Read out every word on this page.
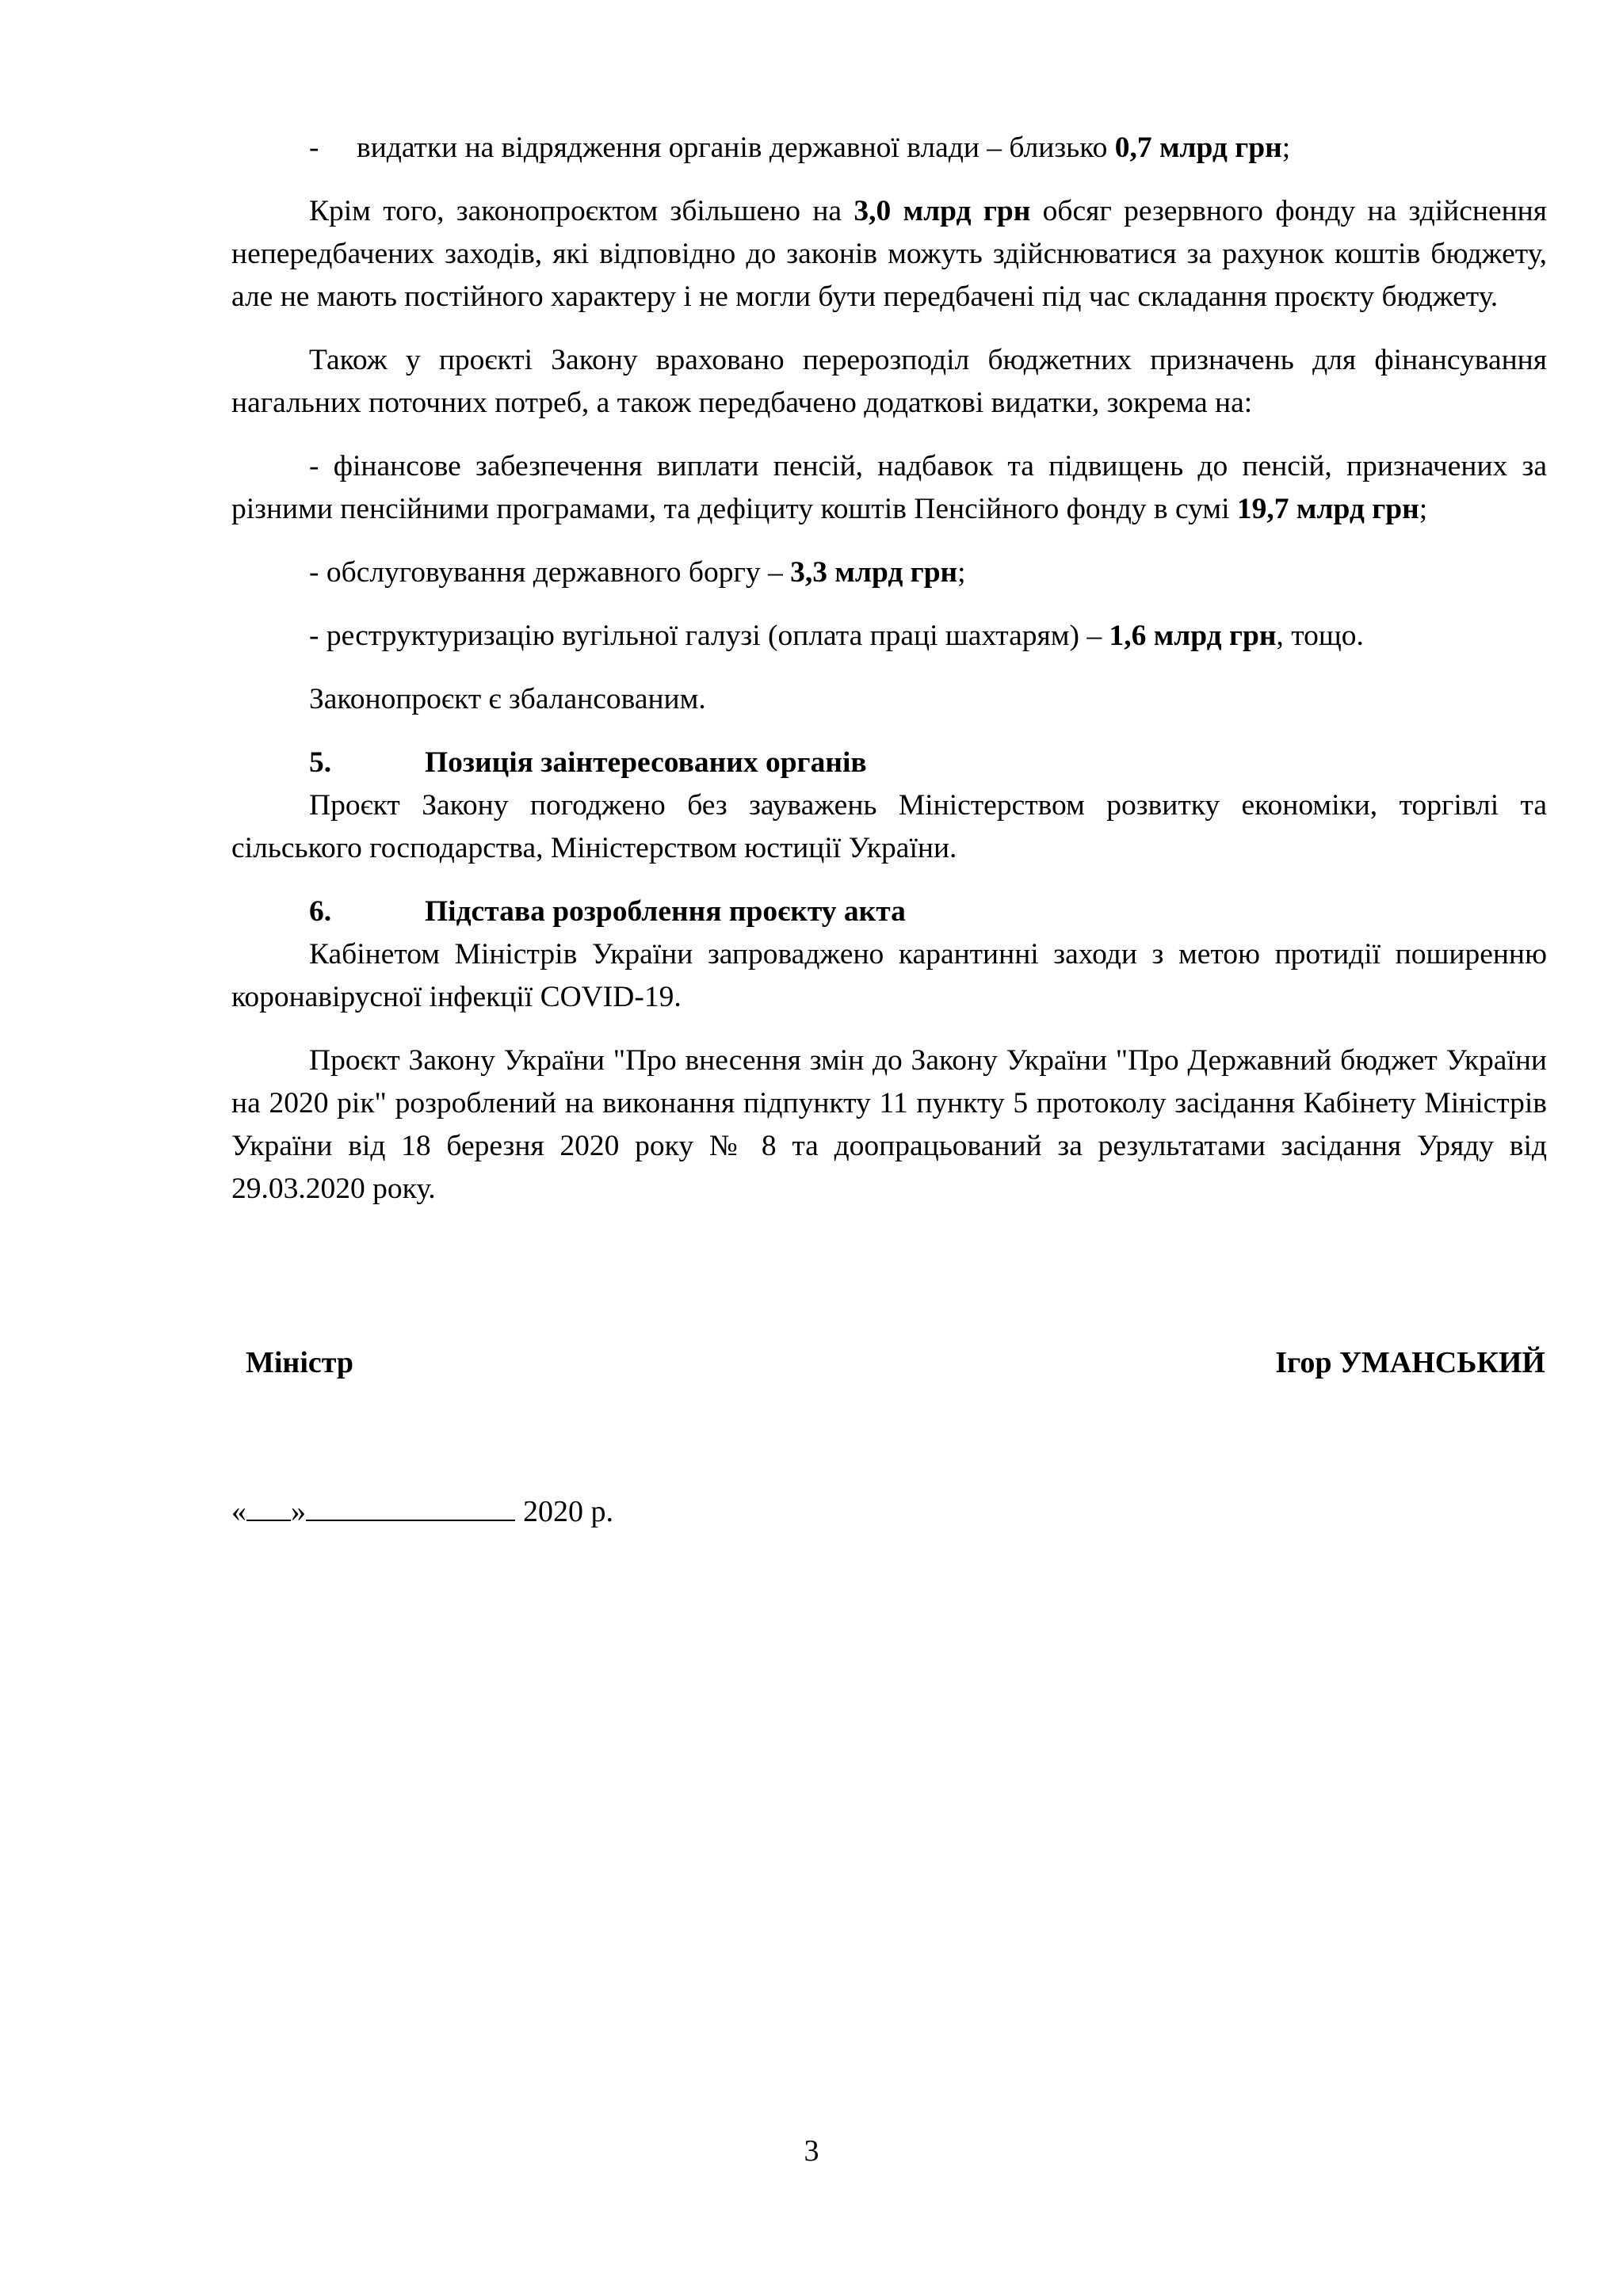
- видатки на відрядження органів державної влади – близько 0,7 млрд грн;

Крім того, законопроєктом збільшено на 3,0 млрд грн обсяг резервного фонду на здійснення непередбачених заходів, які відповідно до законів можуть здійснюватися за рахунок коштів бюджету, але не мають постійного характеру і не могли бути передбачені під час складання проєкту бюджету.

Також у проєкті Закону враховано перерозподіл бюджетних призначень для фінансування нагальних поточних потреб, а також передбачено додаткові видатки, зокрема на:

- фінансове забезпечення виплати пенсій, надбавок та підвищень до пенсій, призначених за різними пенсійними програмами, та дефіциту коштів Пенсійного фонду в сумі 19,7 млрд грн;

- обслуговування державного боргу – 3,3 млрд грн;

- реструктуризацію вугільної галузі (оплата праці шахтарям) – 1,6 млрд грн, тощо.

Законопроєкт є збалансованим.

5.	Позиція заінтересованих органів

Проєкт Закону погоджено без зауважень Міністерством розвитку економіки, торгівлі та сільського господарства, Міністерством юстиції України.

6.	Підстава розроблення проєкту акта

Кабінетом Міністрів України запроваджено карантинні заходи з метою протидії поширенню коронавірусної інфекції COVID-19.

Проєкт Закону України "Про внесення змін до Закону України "Про Державний бюджет України на 2020 рік" розроблений на виконання підпункту 11 пункту 5 протоколу засідання Кабінету Міністрів України від 18 березня 2020 року № 8 та доопрацьований за результатами засідання Уряду від 29.03.2020 року.

Міністр	Ігор УМАНСЬКИЙ
« »	2020 р.
3
